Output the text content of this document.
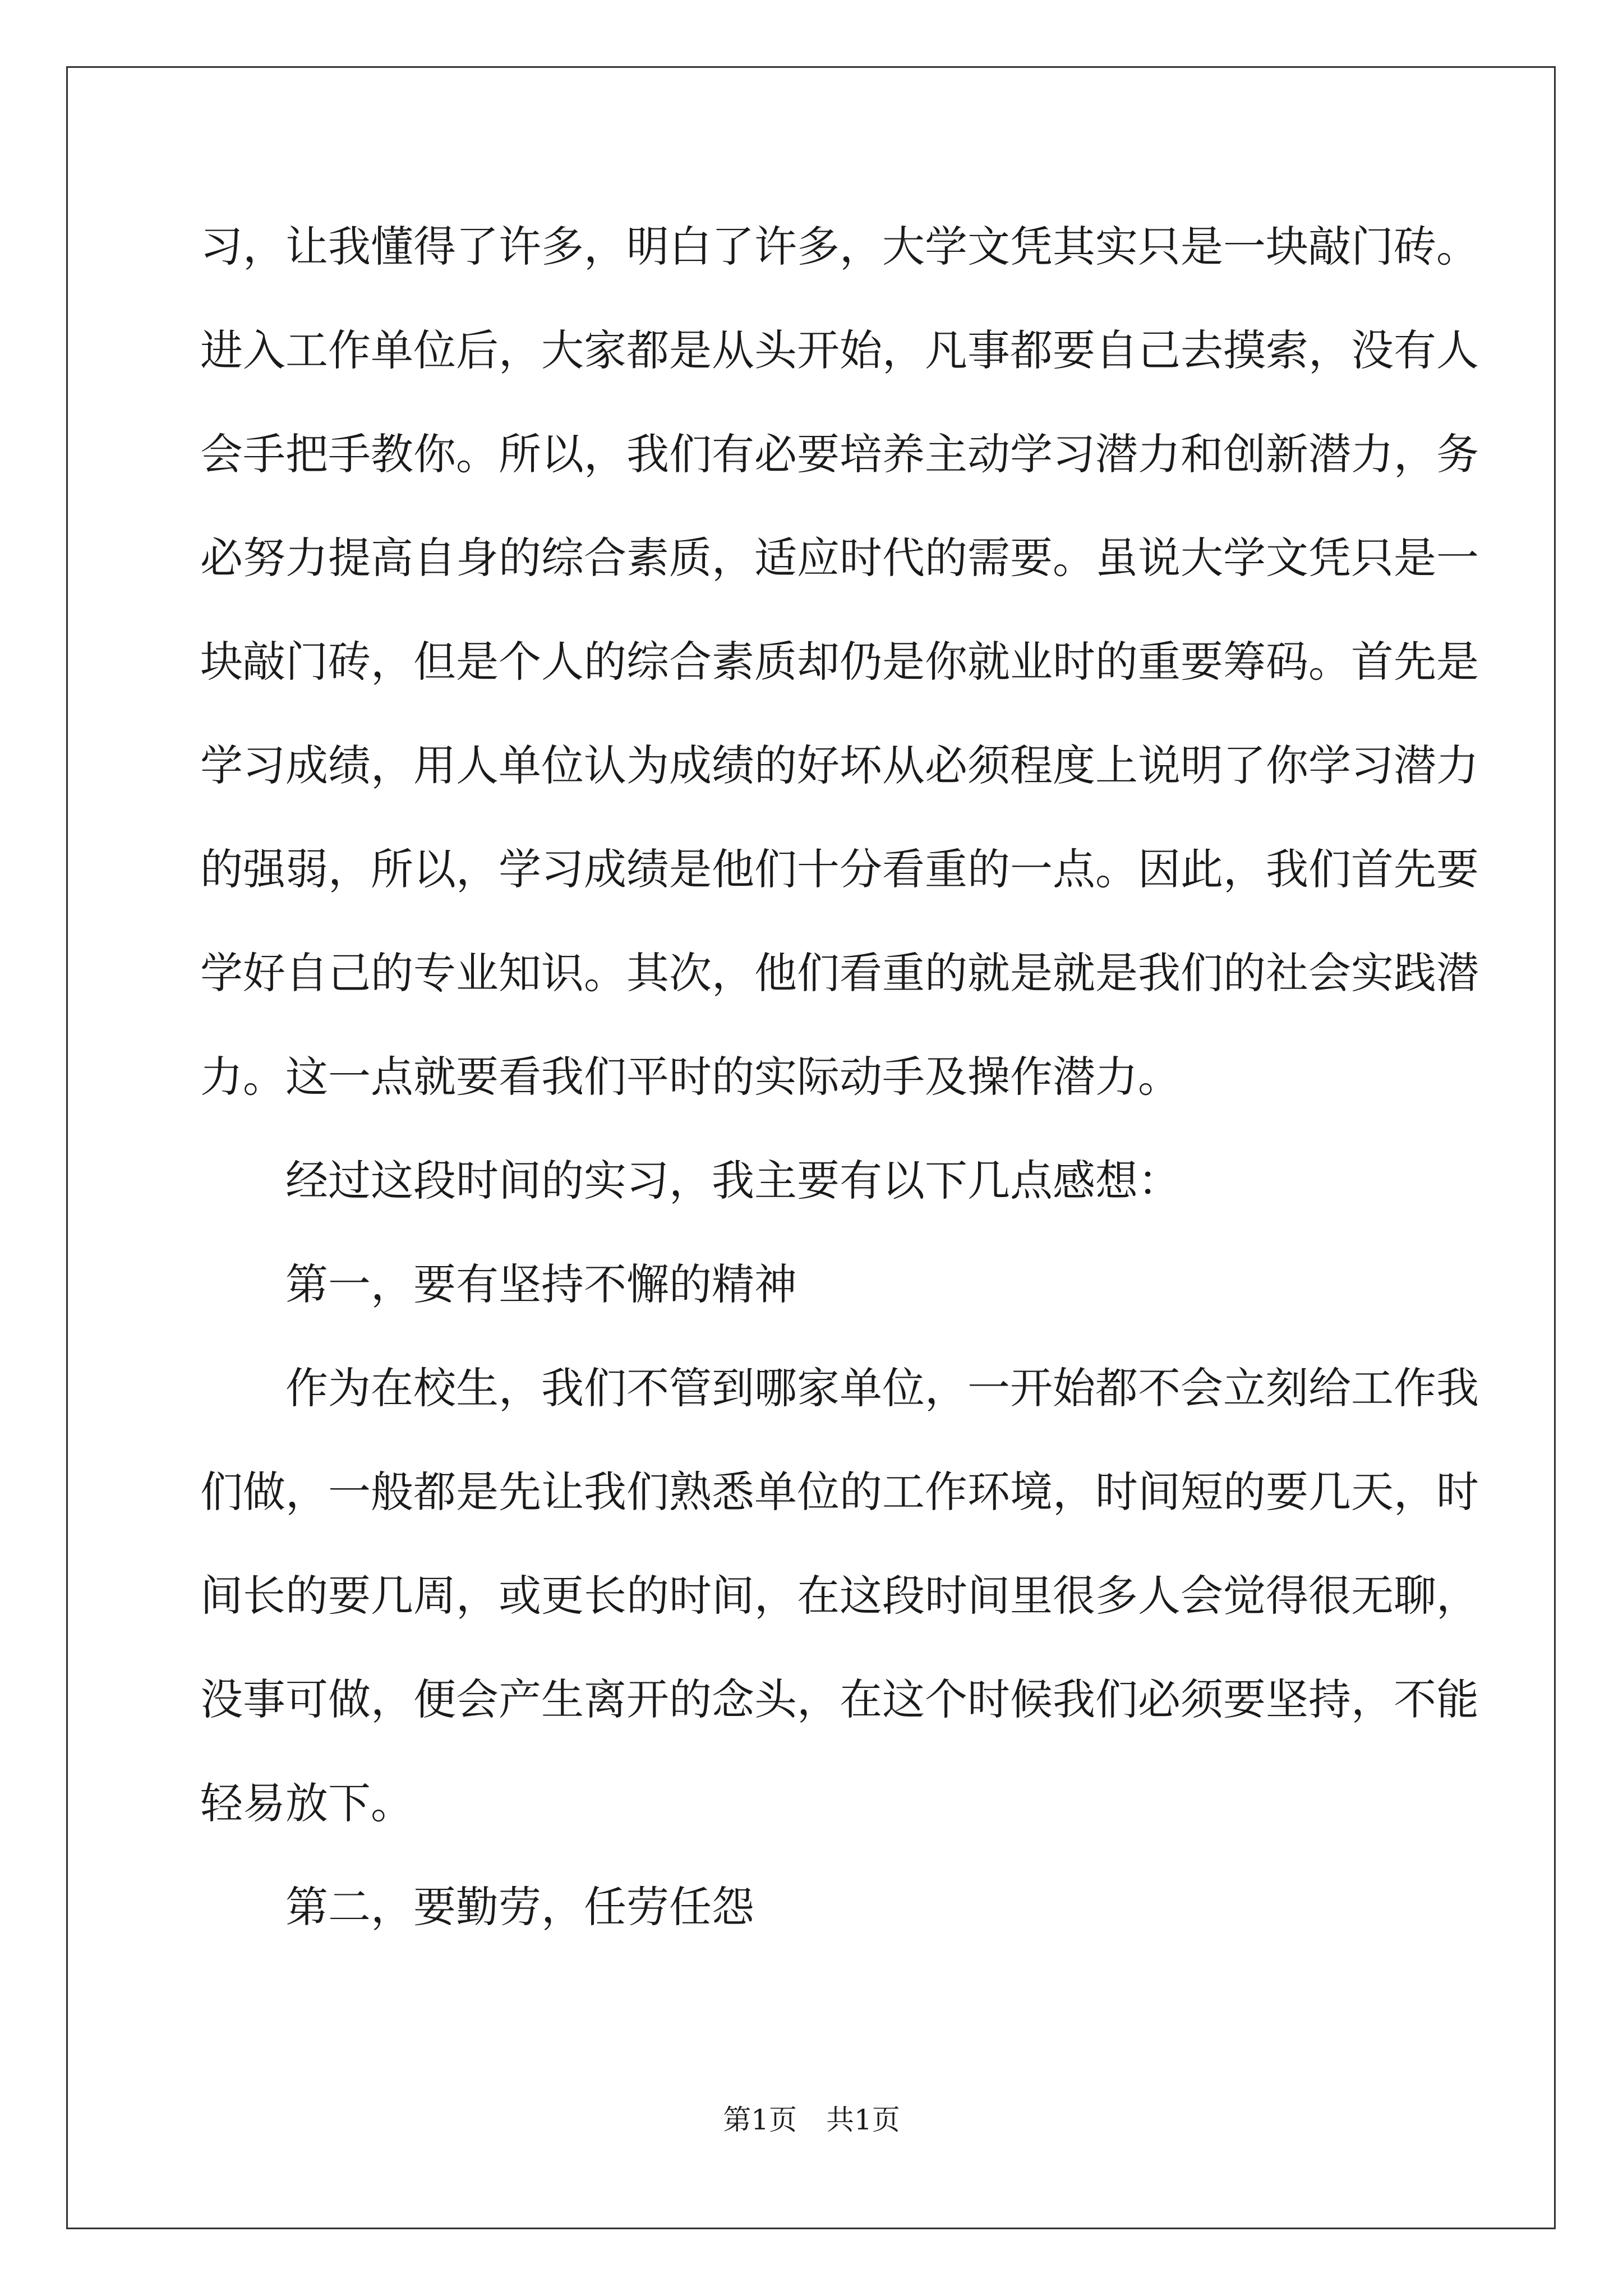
习，让我懂得了许多，明白了许多，大学文凭其实只是一块敲门砖。
进入工作单位后，大家都是从头开始，凡事都要自己去摸索，没有人
会手把手教你。所以，我们有必要培养主动学习潜力和创新潜力，务
必努力提高自身的综合素质，适应时代的需要。虽说大学文凭只是一
块敲门砖，但是个人的综合素质却仍是你就业时的重要筹码。首先是
学习成绩，用人单位认为成绩的好坏从必须程度上说明了你学习潜力
的强弱，所以，学习成绩是他们十分看重的一点。因此，我们首先要
学好自己的专业知识。其次，他们看重的就是就是我们的社会实践潜
力。这一点就要看我们平时的实际动手及操作潜力。
经过这段时间的实习，我主要有以下几点感想：
第一，要有坚持不懈的精神
作为在校生，我们不管到哪家单位，一开始都不会立刻给工作我
们做，一般都是先让我们熟悉单位的工作环境，时间短的要几天，时
间长的要几周，或更长的时间，在这段时间里很多人会觉得很无聊，
没事可做，便会产生离开的念头，在这个时候我们必须要坚持，不能
轻易放下。
第二，要勤劳，任劳任怨
第1页 共1页
